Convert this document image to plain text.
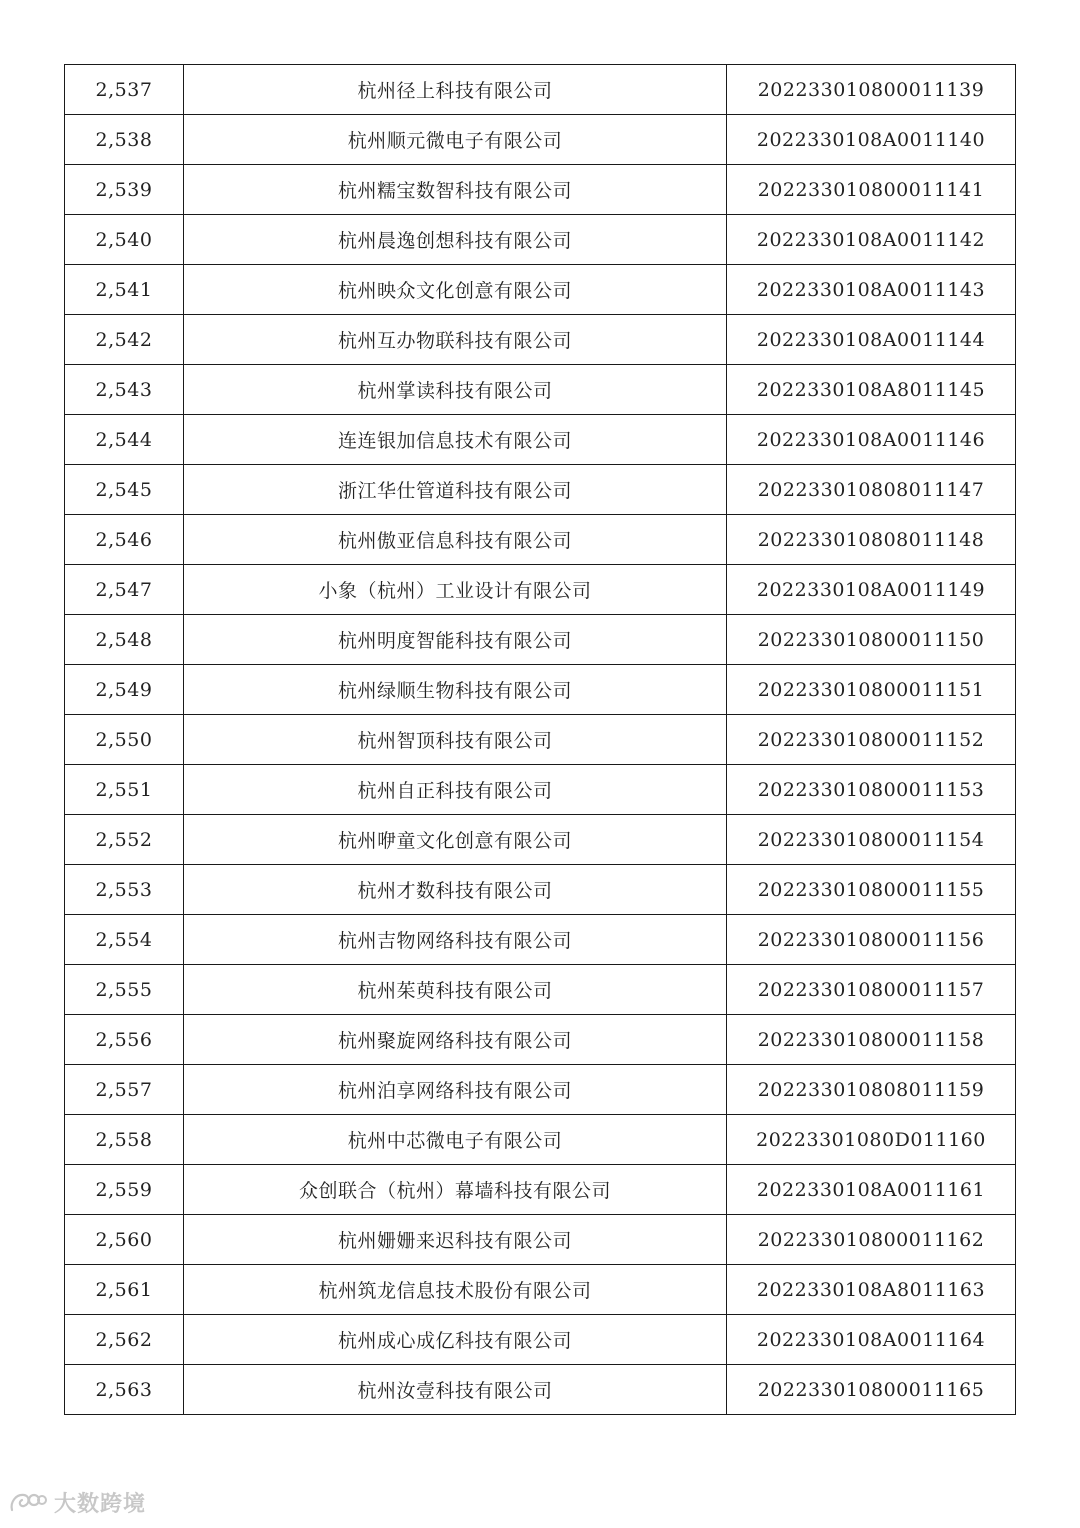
2,537	杭州径上科技有限公司	202233010800011139
2,538	杭州顺元微电子有限公司	2022330108A0011140
2,539	杭州糯宝数智科技有限公司	202233010800011141
2,540	杭州晨逸创想科技有限公司	2022330108A0011142
2,541	杭州映众文化创意有限公司	2022330108A0011143
2,542	杭州互办物联科技有限公司	2022330108A0011144
2,543	杭州掌读科技有限公司	2022330108A8011145
2,544	连连银加信息技术有限公司	2022330108A0011146
2,545	浙江华仕管道科技有限公司	202233010808011147
2,546	杭州傲亚信息科技有限公司	202233010808011148
2,547	小象（杭州）工业设计有限公司	2022330108A0011149
2,548	杭州明度智能科技有限公司	202233010800011150
2,549	杭州绿顺生物科技有限公司	202233010800011151
2,550	杭州智顶科技有限公司	202233010800011152
2,551	杭州自正科技有限公司	202233010800011153
2,552	杭州咿童文化创意有限公司	202233010800011154
2,553	杭州才数科技有限公司	202233010800011155
2,554	杭州吉物网络科技有限公司	202233010800011156
2,555	杭州茱萸科技有限公司	202233010800011157
2,556	杭州聚旋网络科技有限公司	202233010800011158
2,557	杭州泊享网络科技有限公司	202233010808011159
2,558	杭州中芯微电子有限公司	20223301080D011160
2,559	众创联合（杭州）幕墙科技有限公司	2022330108A0011161
2,560	杭州姗姗来迟科技有限公司	202233010800011162
2,561	杭州筑龙信息技术股份有限公司	2022330108A8011163
2,562	杭州成心成亿科技有限公司	2022330108A0011164
2,563	杭州汝壹科技有限公司	202233010800011165
大数跨境
